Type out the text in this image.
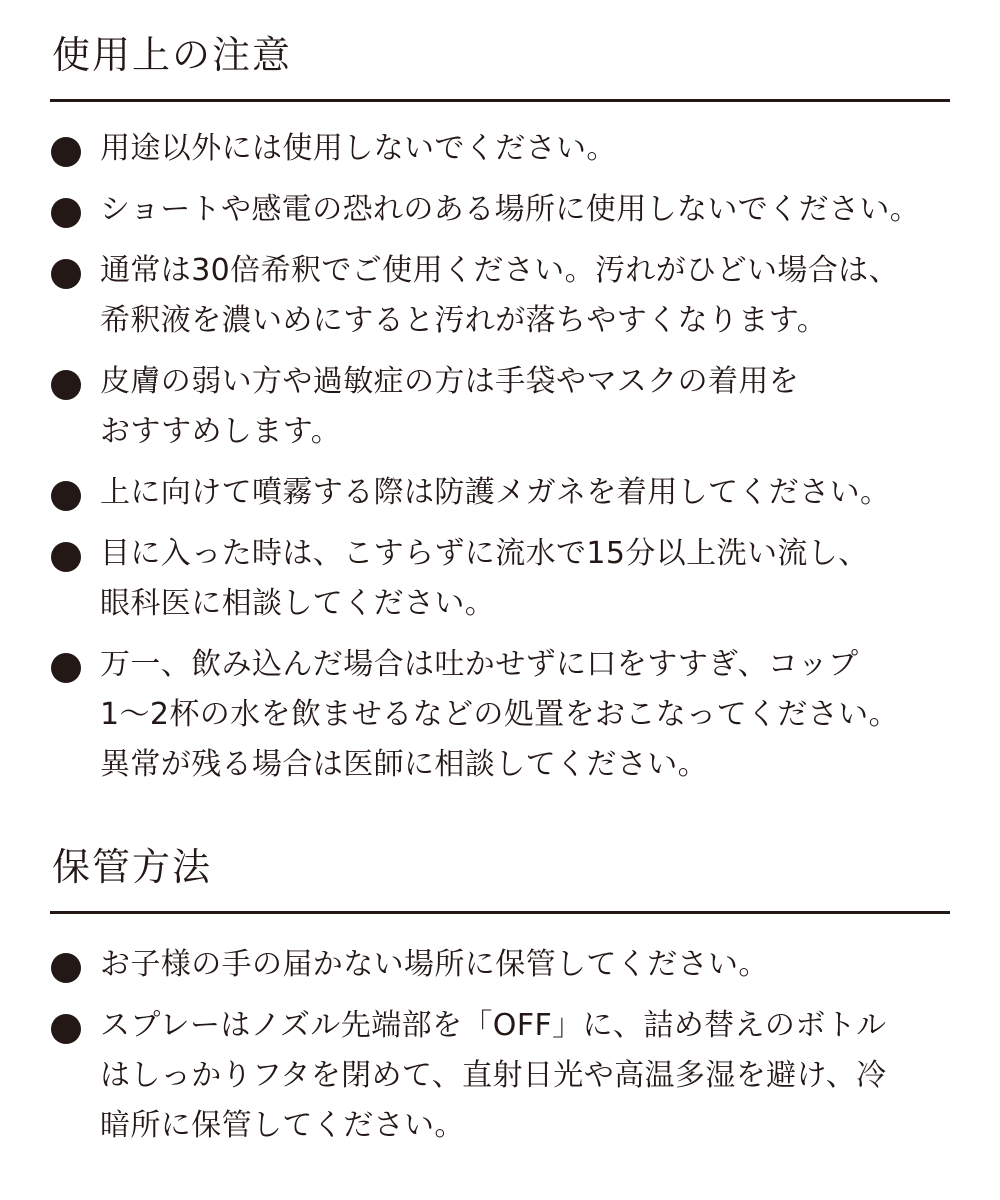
使用上の注意
用途以外には使用しないでください。
ショートや感電の恐れのある場所に使用しないでください。
通常は30倍希釈でご使用ください。汚れがひどい場合は、
希釈液を濃いめにすると汚れが落ちやすくなります。
皮膚の弱い方や過敏症の方は手袋やマスクの着用を
おすすめします。
上に向けて噴霧する際は防護メガネを着用してください。
目に入った時は、こすらずに流水で15分以上洗い流し、
眼科医に相談してください。
万一、飲み込んだ場合は吐かせずに口をすすぎ、コップ
1〜2杯の水を飲ませるなどの処置をおこなってください。
異常が残る場合は医師に相談してください。
保管方法
お子様の手の届かない場所に保管してください。
スプレーはノズル先端部を「OFF」に、詰め替えのボトル
はしっかりフタを閉めて、直射日光や高温多湿を避け、冷
暗所に保管してください。
